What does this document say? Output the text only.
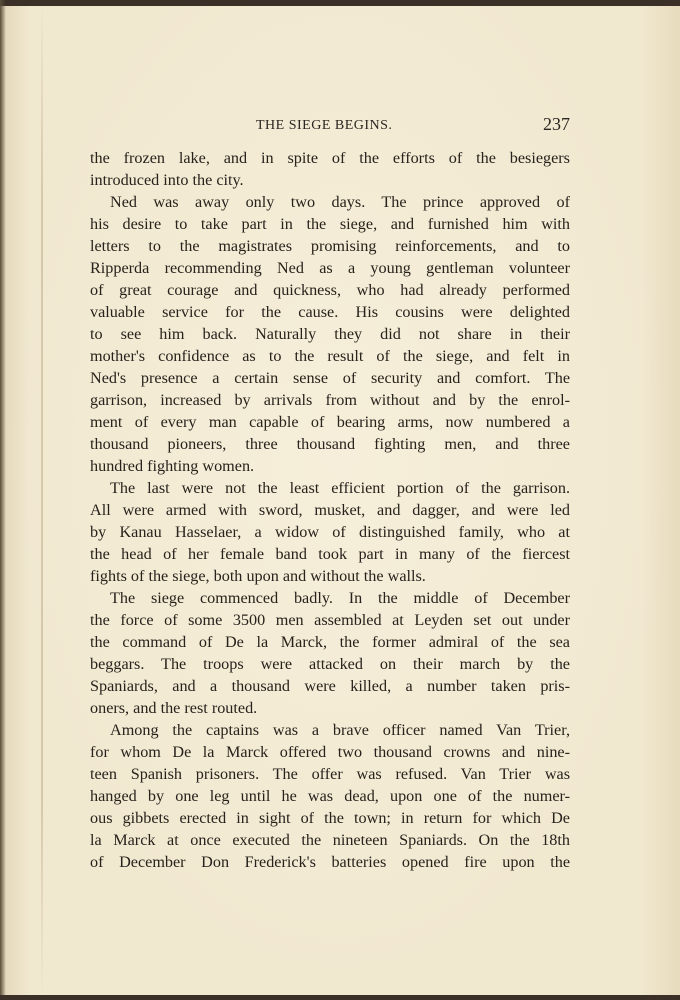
THE SIEGE BEGINS.	237
the frozen lake, and in spite of the efforts of the besiegers
introduced into the city.
Ned was away only two days. The prince approved of
his desire to take part in the siege, and furnished him with
letters to the magistrates promising reinforcements, and to
Ripperda recommending Ned as a young gentleman volunteer
of great courage and quickness, who had already performed
valuable service for the cause. His cousins were delighted
to see him back. Naturally they did not share in their
mother's confidence as to the result of the siege, and felt in
Ned's presence a certain sense of security and comfort. The
garrison, increased by arrivals from without and by the enrol-
ment of every man capable of bearing arms, now numbered a
thousand pioneers, three thousand fighting men, and three
hundred fighting women.
The last were not the least efficient portion of the garrison.
All were armed with sword, musket, and dagger, and were led
by Kanau Hasselaer, a widow of distinguished family, who at
the head of her female band took part in many of the fiercest
fights of the siege, both upon and without the walls.
The siege commenced badly. In the middle of December
the force of some 3500 men assembled at Leyden set out under
the command of De la Marck, the former admiral of the sea
beggars. The troops were attacked on their march by the
Spaniards, and a thousand were killed, a number taken pris-
oners, and the rest routed.
Among the captains was a brave officer named Van Trier,
for whom De la Marck offered two thousand crowns and nine-
teen Spanish prisoners. The offer was refused. Van Trier was
hanged by one leg until he was dead, upon one of the numer-
ous gibbets erected in sight of the town; in return for which De
la Marck at once executed the nineteen Spaniards. On the 18th
of December Don Frederick's batteries opened fire upon the
